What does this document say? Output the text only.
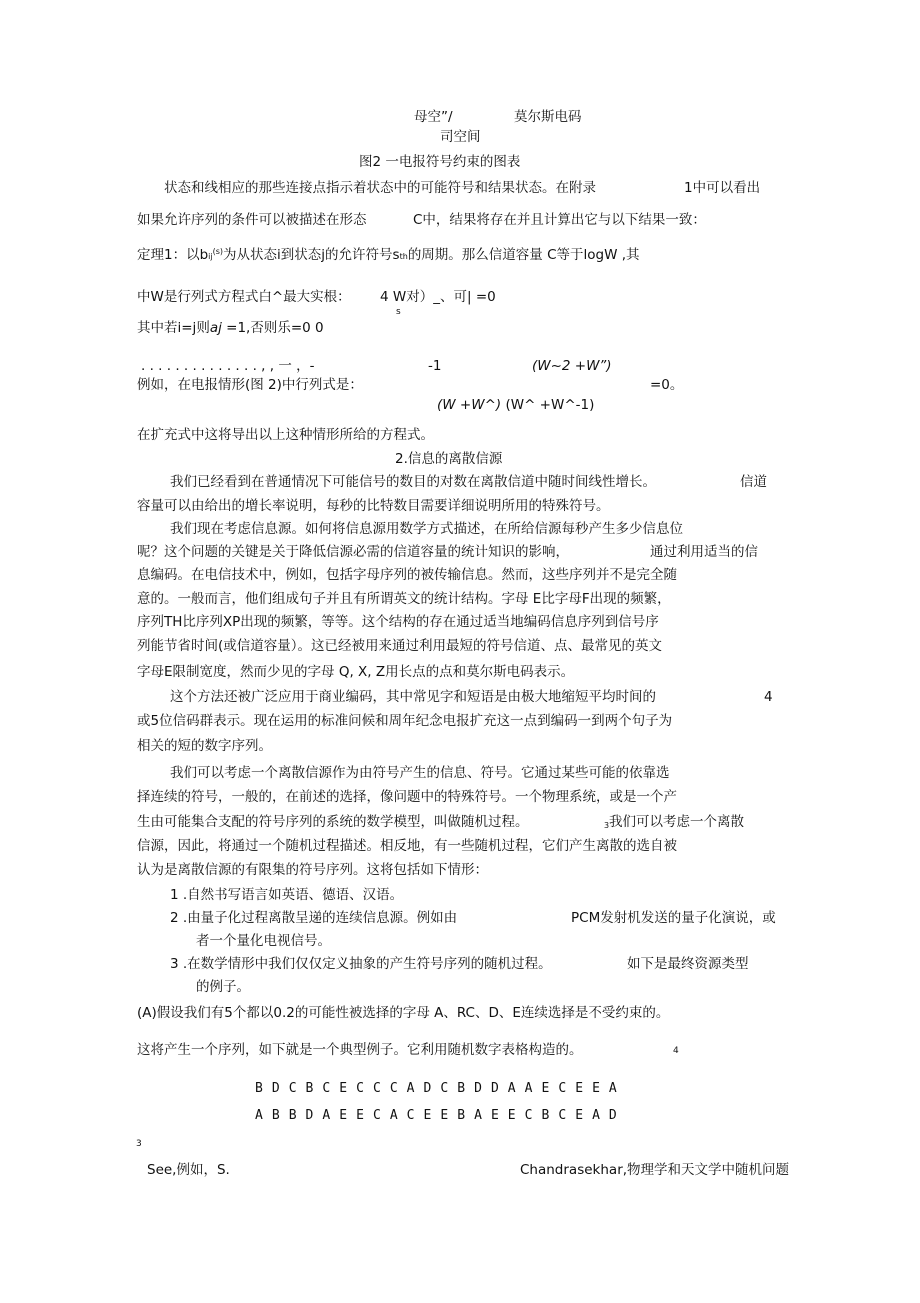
母空”/	莫尔斯电码
司空间
图2 一电报符号约束的图表
状态和线相应的那些连接点指示着状态中的可能符号和结果状态。在附录	1中可以看出
如果允许序列的条件可以被描述在形态	C中，结果将存在并且计算出它与以下结果一致：
定理1：以bij$^{(s)}$为从状态i到状态j的允许符号sth的周期。那么信道容量 C等于logW ,其
中W是行列式方程式白^最大实根： 4 W对）_、可| =0
s
其中若i=j则aj =1,否则乐=0 0
. . . . . . . . . . . . . . , , 一 ，-	-1	(W~2 +W”)
例如，在电报情形(图 2)中行列式是：	=0。
(W +W^) (W^ +W^-1)
在扩充式中这将导出以上这种情形所给的方程式。
2.信息的离散信源
我们已经看到在普通情况下可能信号的数目的对数在离散信道中随时间线性增长。	信道
容量可以由给出的增长率说明，每秒的比特数目需要详细说明所用的特殊符号。
我们现在考虑信息源。如何将信息源用数学方式描述，在所给信源每秒产生多少信息位
呢？这个问题的关键是关于降低信源必需的信道容量的统计知识的影响，	通过利用适当的信
息编码。在电信技术中，例如，包括字母序列的被传输信息。然而，这些序列并不是完全随
意的。一般而言，他们组成句子并且有所谓英文的统计结构。字母 E比字母F出现的频繁，
序列TH比序列XP出现的频繁，等等。这个结构的存在通过适当地编码信息序列到信号序
列能节省时间(或信道容量）。这已经被用来通过利用最短的符号信道、点、最常见的英文
字母E限制宽度，然而少见的字母 Q, X, Z用长点的点和莫尔斯电码表示。
这个方法还被广泛应用于商业编码，其中常见字和短语是由极大地缩短平均时间的	4
或5位信码群表示。现在运用的标准问候和周年纪念电报扩充这一点到编码一到两个句子为
相关的短的数字序列。
我们可以考虑一个离散信源作为由符号产生的信息、符号。它通过某些可能的依靠选
择连续的符号，一般的，在前述的选择，像问题中的特殊符号。一个物理系统，或是一个产
生由可能集合支配的符号序列的系统的数学模型，叫做随机过程。	3 我们可以考虑一个离散
信源，因此，将通过一个随机过程描述。相反地，有一些随机过程，它们产生离散的选自被
认为是离散信源的有限集的符号序列。这将包括如下情形：
1 .自然书写语言如英语、德语、汉语。
2 .由量子化过程离散呈递的连续信息源。例如由	PCM发射机发送的量子化演说，或
者一个量化电视信号。
3 .在数学情形中我们仅仅定义抽象的产生符号序列的随机过程。	如下是最终资源类型
的例子。
(A)假设我们有5个都以0.2的可能性被选择的字母 A、RC、D、E连续选择是不受约束的。
这将产生一个序列，如下就是一个典型例子。它利用随机数字表格构造的。	4
B D C B C E C C C A D C B D D A A E C E E A
A B B D A E E C A C E E B A E E C B C E A D
3
See,例如，S.	Chandrasekhar,物理学和天文学中随机问题
